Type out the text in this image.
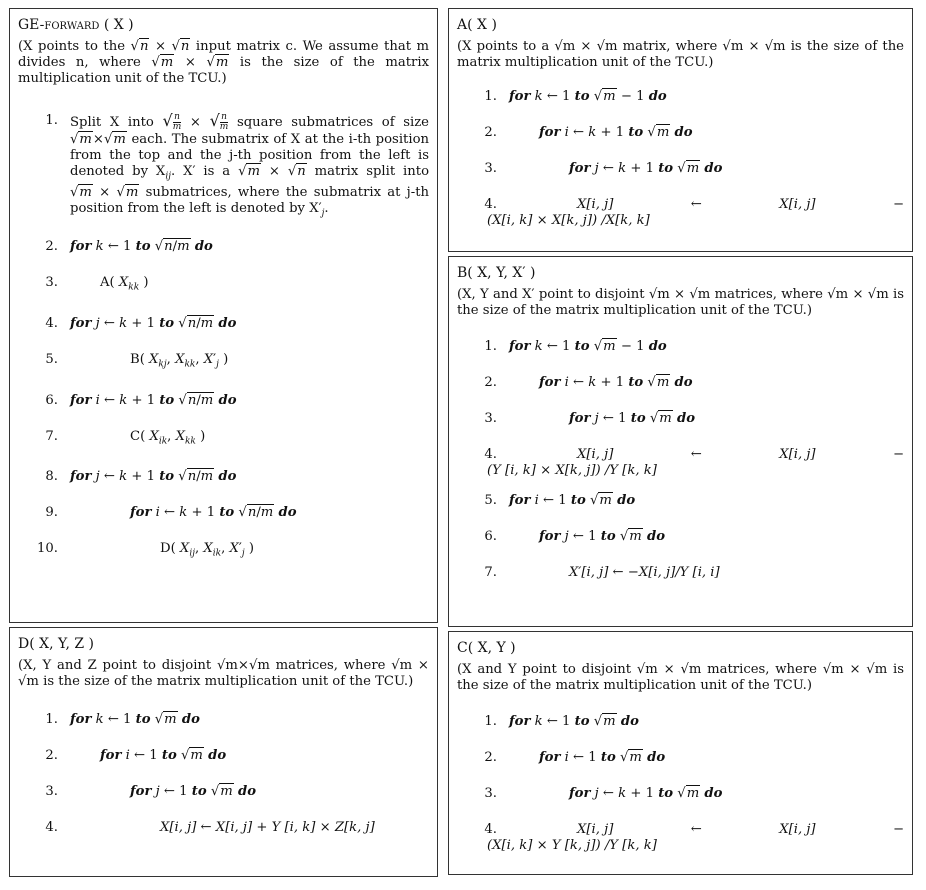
GE-forward ( X )
(X points to the √n × √n input matrix c. We assume that m divides n, where √m × √m is the size of the matrix multiplication unit of the TCU.)
1. Split X into √ $\frac{n}{m}$ × √ $\frac{n}{m}$ square submatrices of size √m×√m each. The submatrix of X at the i-th position from the top and the j-th position from the left is denoted by $X_{ij}$. X′ is a √m × √n matrix split into √m × √m submatrices, where the submatrix at j-th position from the left is denoted by $X'_j$.
2. for k ← 1 to √n/m do
3.	A( $X_{kk}$ )
4. for j ← k + 1 to √n/m do
5.	B( $X_{kj}$, $X_{kk}$, $X'_j$ )
6. for i ← k + 1 to √n/m do
7.	C( $X_{ik}$, $X_{kk}$ )
8. for j ← k + 1 to √n/m do
9.	for i ← k + 1 to √n/m do
10.	D( $X_{ij}$, $X_{ik}$, $X'_j$ )
D( X, Y, Z )
(X, Y and Z point to disjoint √m×√m matrices, where √m × √m is the size of the matrix multiplication unit of the TCU.)
1. for k ← 1 to √m do
2.	for i ← 1 to √m do
3.	for j ← 1 to √m do
4.	X[i, j] ← X[i, j] + Y [i, k] × Z[k, j]
A( X )
(X points to a √m × √m matrix, where √m × √m is the size of the matrix multiplication unit of the TCU.)
1. for k ← 1 to √m − 1 do
2.	for i ← k + 1 to √m do
3.	for j ← k + 1 to √m do
4.	X[i, j]	←	X[i, j]	−
(X[i, k] × X[k, j]) /X[k, k]
B( X, Y, X′ )
(X, Y and X′ point to disjoint √m × √m matrices, where √m × √m is the size of the matrix multiplication unit of the TCU.)
1. for k ← 1 to √m − 1 do
2.	for i ← k + 1 to √m do
3.	for j ← 1 to √m do
4.	X[i, j]	←	X[i, j]	−
(Y [i, k] × X[k, j]) /Y [k, k]
5. for i ← 1 to √m do
6.	for j ← 1 to √m do
7.	X′[i, j] ← −X[i, j]/Y [i, i]
C( X, Y )
(X and Y point to disjoint √m × √m matrices, where √m × √m is the size of the matrix multiplication unit of the TCU.)
1. for k ← 1 to √m do
2.	for i ← 1 to √m do
3.	for j ← k + 1 to √m do
4.	X[i, j]	←	X[i, j]	−
(X[i, k] × Y [k, j]) /Y [k, k]
